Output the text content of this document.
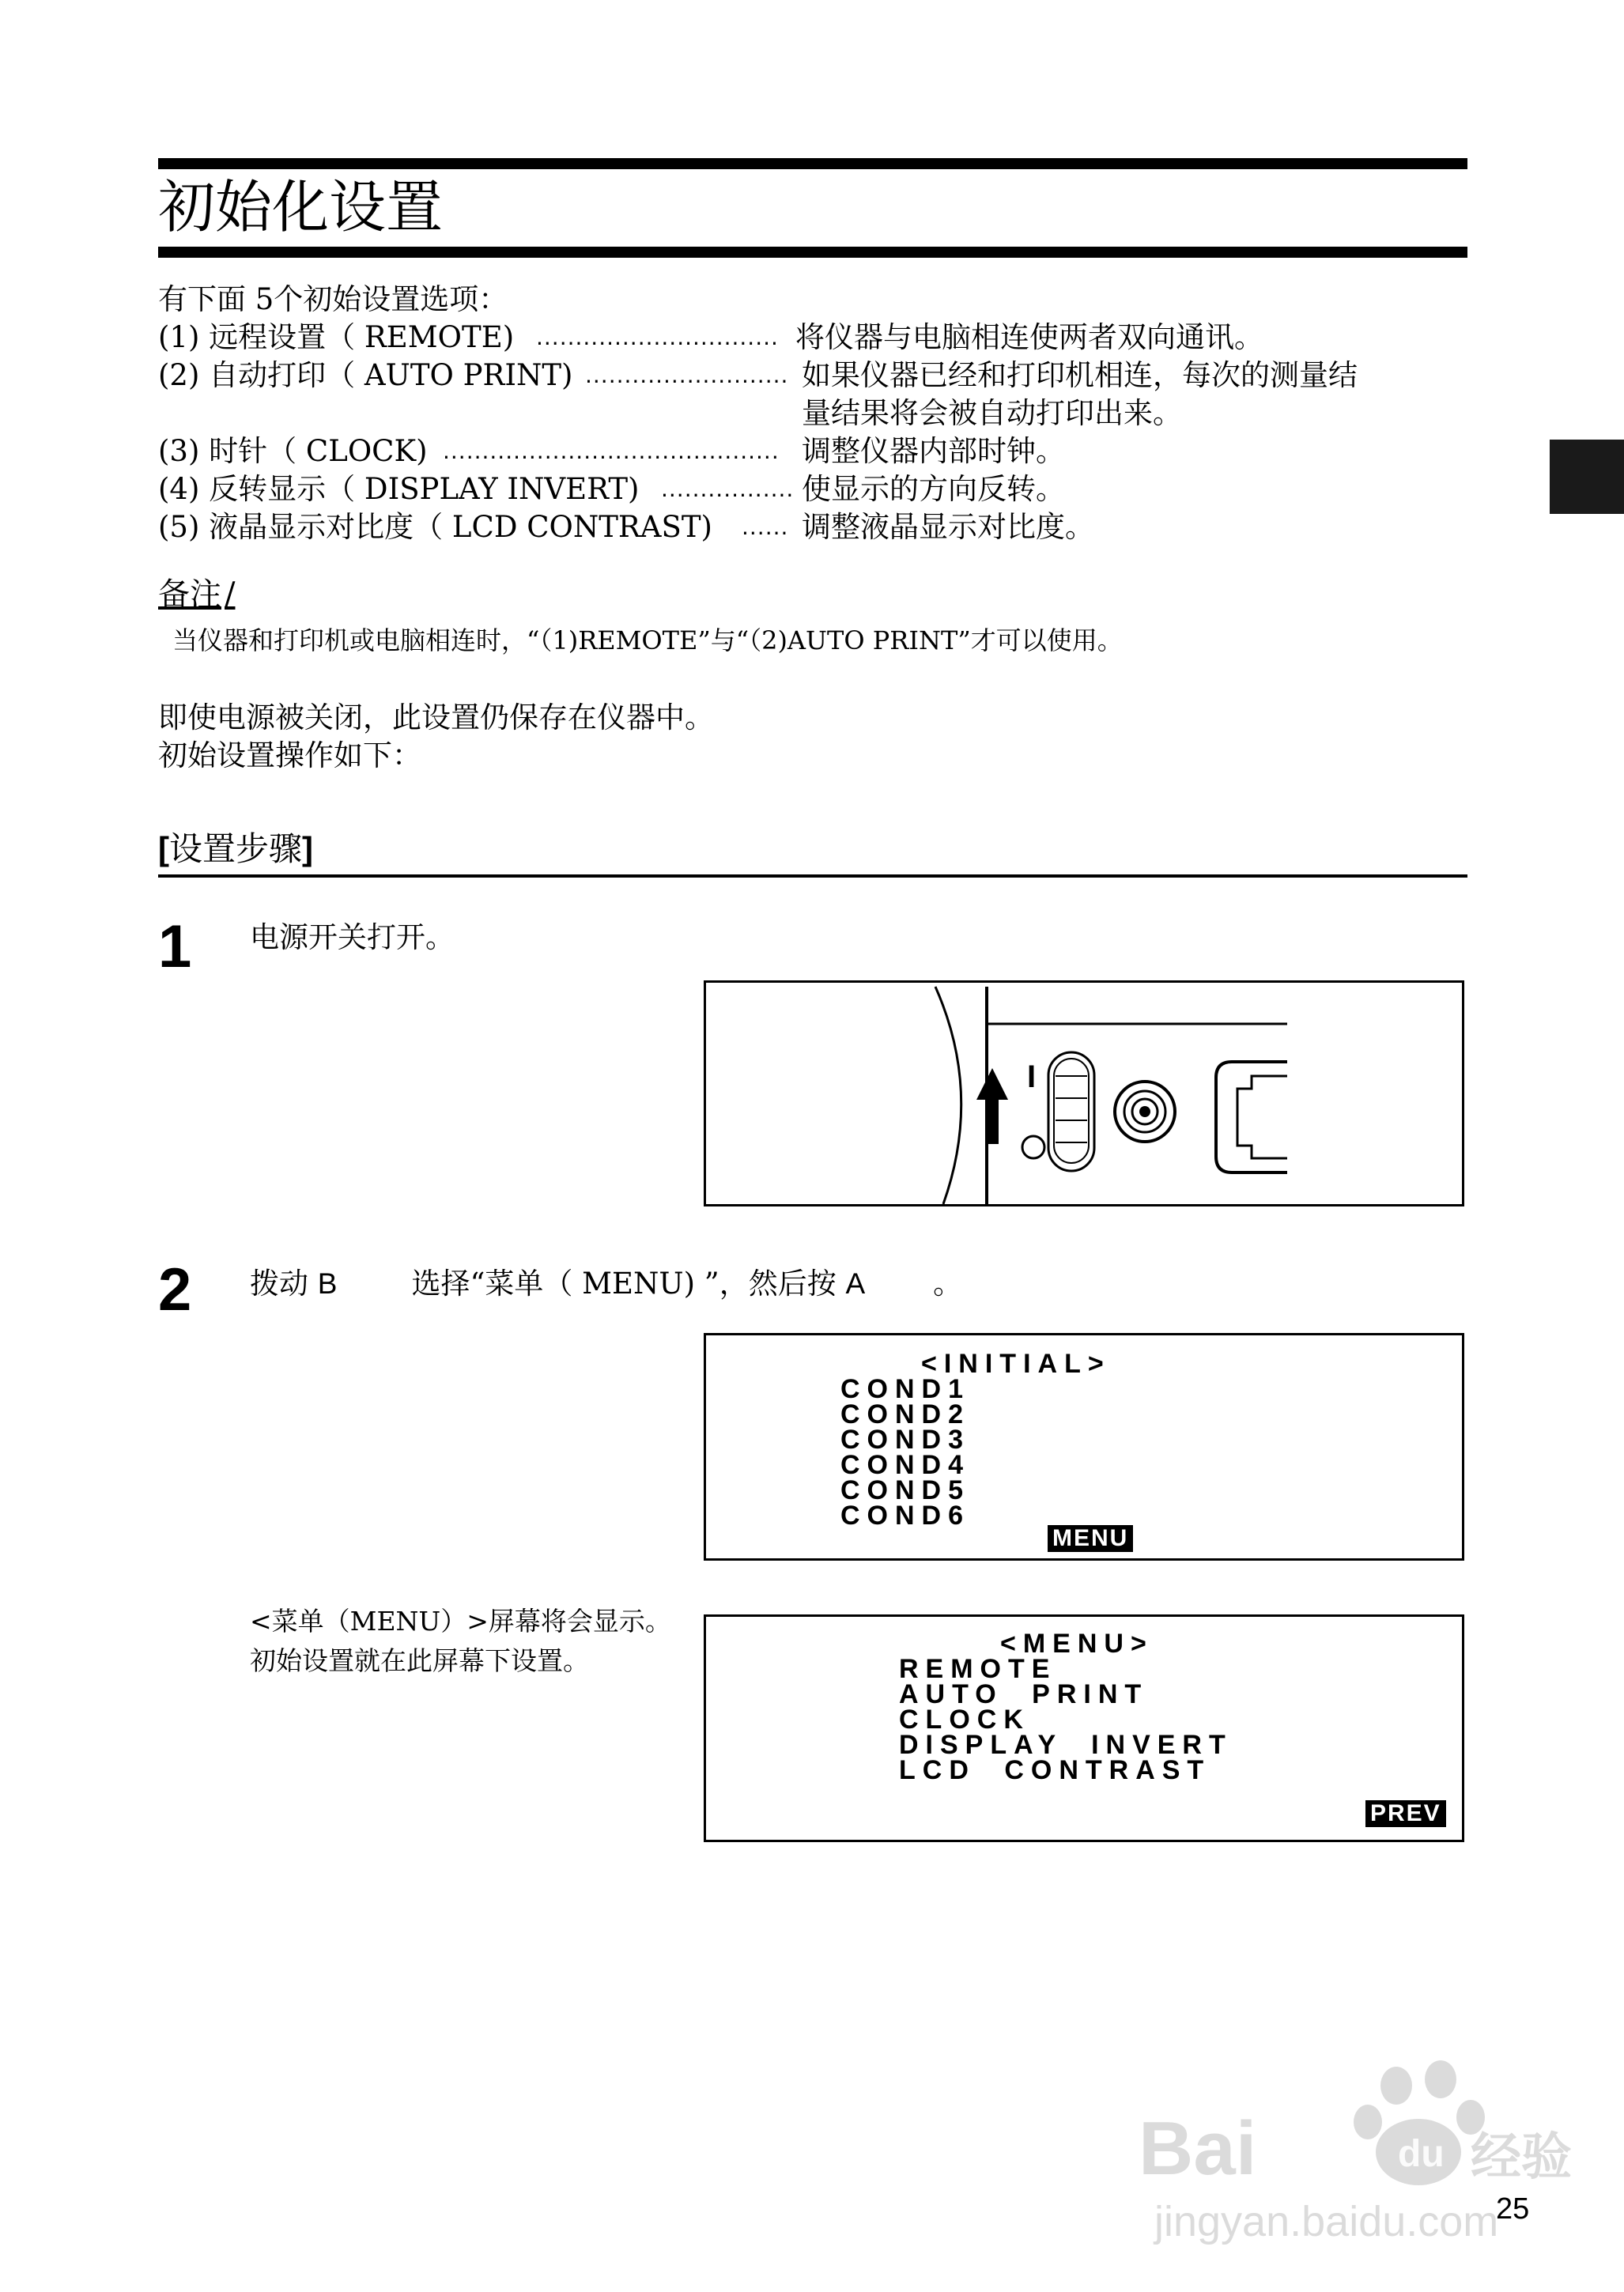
初始化设置
有下面 5个初始设置选项：
(1) 远程设置（ REMOTE) ............................... 将仪器与电脑相连使两者双向通讯。
(2) 自动打印（ AUTO PRINT) .......................... 如果仪器已经和打印机相连，每次的测量结
量结果将会被自动打印出来。
(3) 时针（ CLOCK) ........................................... 调整仪器内部时钟。
(4) 反转显示（ DISPLAY INVERT) ................. 使显示的方向反转。
(5) 液晶显示对比度（ LCD CONTRAST) ...... 调整液晶显示对比度。
备注 /
当仪器和打印机或电脑相连时，“（1)REMOTE”与“（2)AUTO PRINT”才可以使用。
即使电源被关闭，此设置仍保存在仪器中。
初始设置操作如下：
[设置步骤]
1 电源开关打开。
I
2 拨动 B	选择“菜单（ MENU) ”，然后按 A 。
<INITIAL>
COND1
COND2
COND3
COND4
COND5
COND6
MENU
<菜单（MENU）>屏幕将会显示。
初始设置就在此屏幕下设置。
<MENU>
REMOTE
AUTO PRINT
CLOCK
DISPLAY INVERT
LCD CONTRAST
PREV
du
Bai	经验
jingyan.baidu.com
25
